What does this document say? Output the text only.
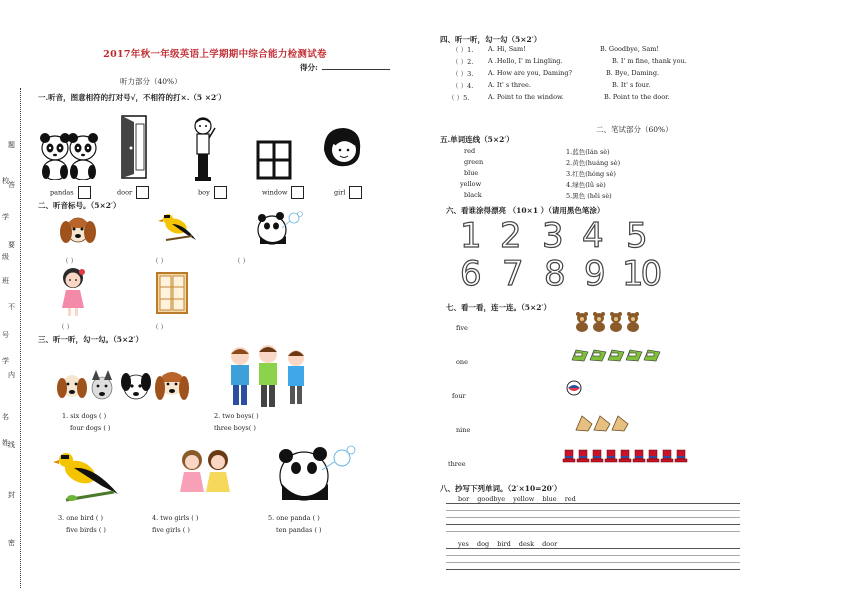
题
答
要
不
内
线
封
密
校
学
级
班
号
学
名
姓
2017年秋一年级英语上学期期中综合能力检测试卷
得分:
听力部分（40%）
一.听音，图意相符的打对号√，不相符的打×.（5 ×2′）
pandas	door	boy	window	girl
二、听音标号。（5×2′）
（ ）	（ ）	（ ）
（ ）	（ ）
三、听一听，勾一勾。（5×2′）
1. six dogs ( )
four dogs ( )
2. two boys( )
three boys( )
3. one bird ( )
five birds ( )
4. two girls ( )
five girls ( )
5. one panda ( )
ten pandas ( )
四、听一听，勾一勾（5×2′）
（ ）1. A. Hi, Sam!	B. Goodbye, Sam!
（ ）2. A .Hello, I' m Lingling.	B. I' m fine, thank you.
（ ）3. A. How are you, Daming?	B. Bye, Daming.
（ ）4. A. It' s three.	B. It' s four.
（ ）5.	A. Point to the window.	B. Point to the door.
二、笔试部分（60%）
五.单词连线（5×2′）
red
green
blue
yellow
black
1.蓝色(lán sè)
2.黄色(huáng sè)
3.红色(hóng sè)
4.绿色(lǜ sè)
5.黑色 (hēi sè)
六、看谁涂得漂亮 （10×1 ）（请用黑色笔涂）
1 2 3 4 5
6 7 8 9 10
七、看一看，连一连。（5×2′）
five
one
four
nine
three
八、抄写下列单词。（2′×10=20′）
bor goodbye yellow blue red
yes dog bird desk door
